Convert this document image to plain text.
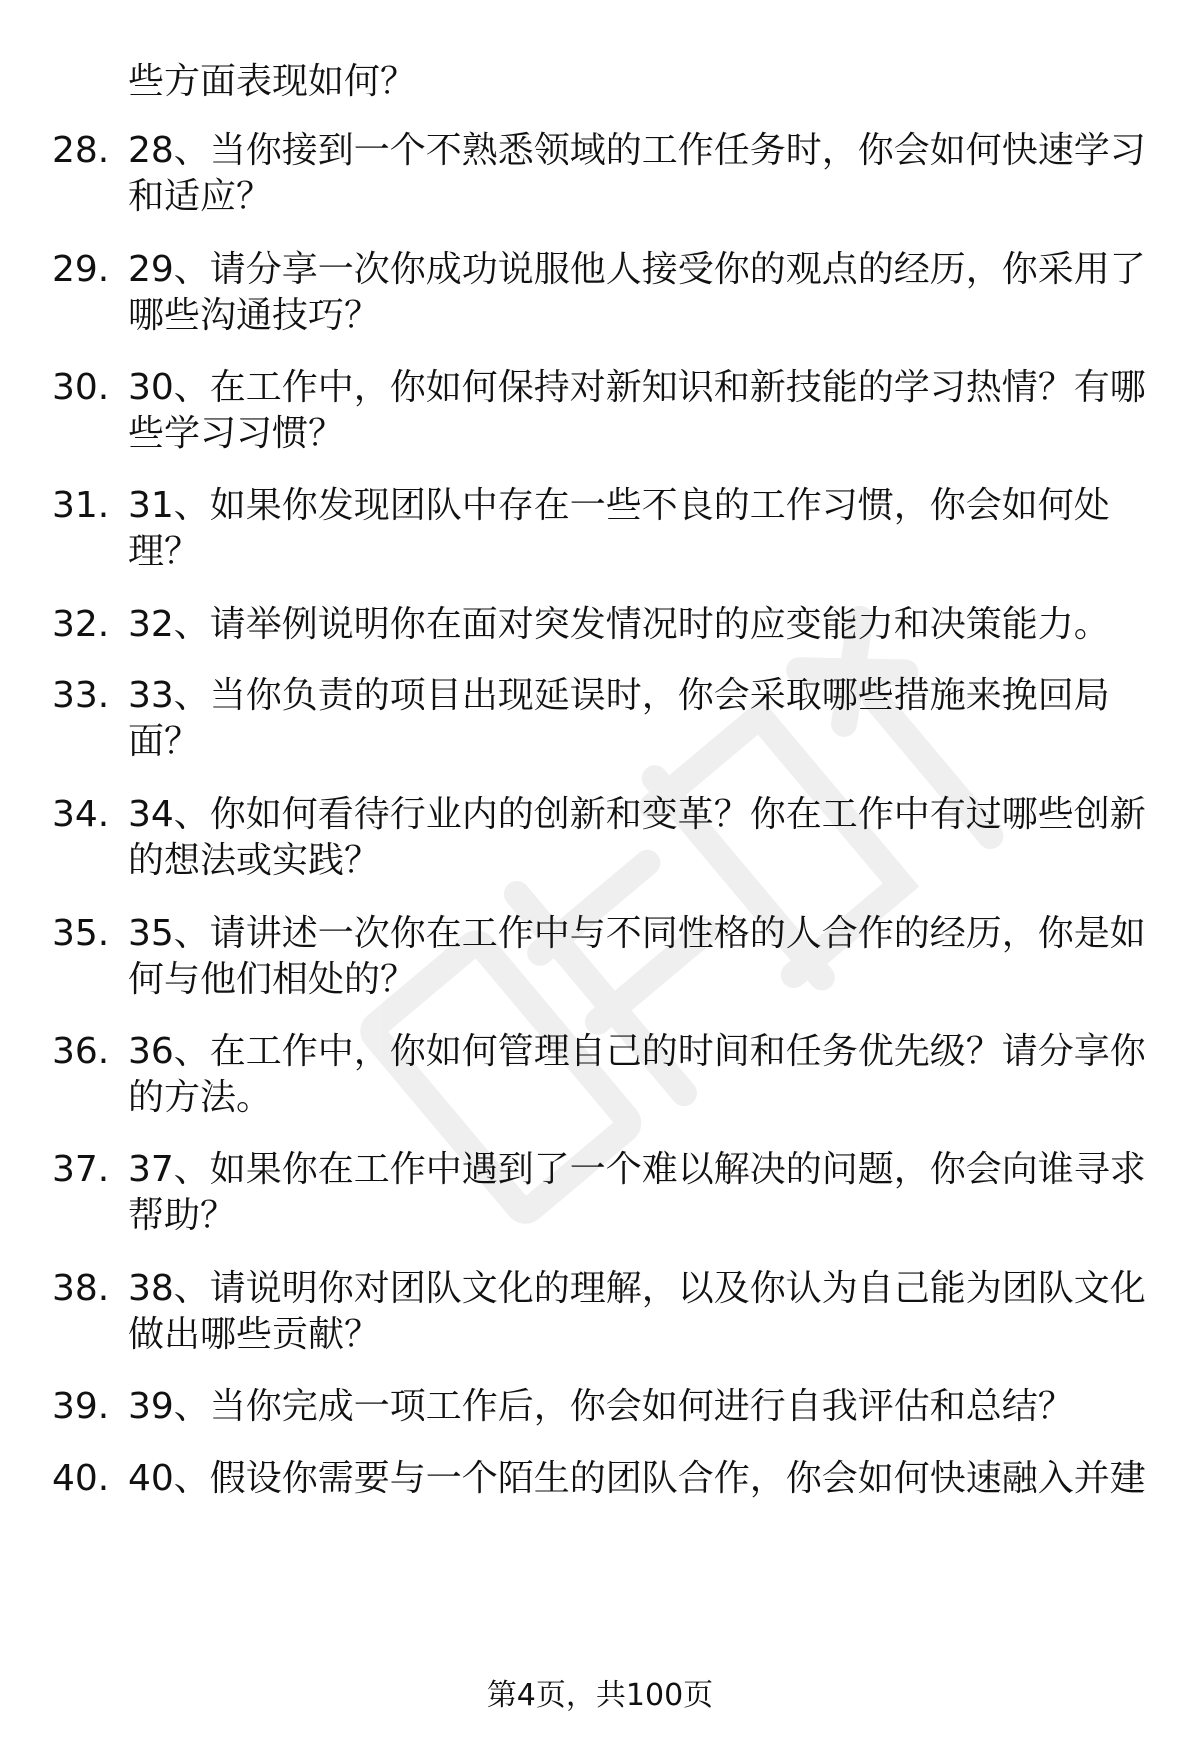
些方面表现如何？
28. 28、当你接到一个不熟悉领域的工作任务时，你会如何快速学习和适应？
29. 29、请分享一次你成功说服他人接受你的观点的经历，你采用了哪些沟通技巧？
30. 30、在工作中，你如何保持对新知识和新技能的学习热情？有哪些学习习惯？
31. 31、如果你发现团队中存在一些不良的工作习惯，你会如何处理？
32. 32、请举例说明你在面对突发情况时的应变能力和决策能力。
33. 33、当你负责的项目出现延误时，你会采取哪些措施来挽回局面？
34. 34、你如何看待行业内的创新和变革？你在工作中有过哪些创新的想法或实践？
35. 35、请讲述一次你在工作中与不同性格的人合作的经历，你是如何与他们相处的？
36. 36、在工作中，你如何管理自己的时间和任务优先级？请分享你的方法。
37. 37、如果你在工作中遇到了一个难以解决的问题，你会向谁寻求帮助？
38. 38、请说明你对团队文化的理解，以及你认为自己能为团队文化做出哪些贡献？
39. 39、当你完成一项工作后，你会如何进行自我评估和总结？
40. 40、假设你需要与一个陌生的团队合作，你会如何快速融入并建
第4页，共100页
